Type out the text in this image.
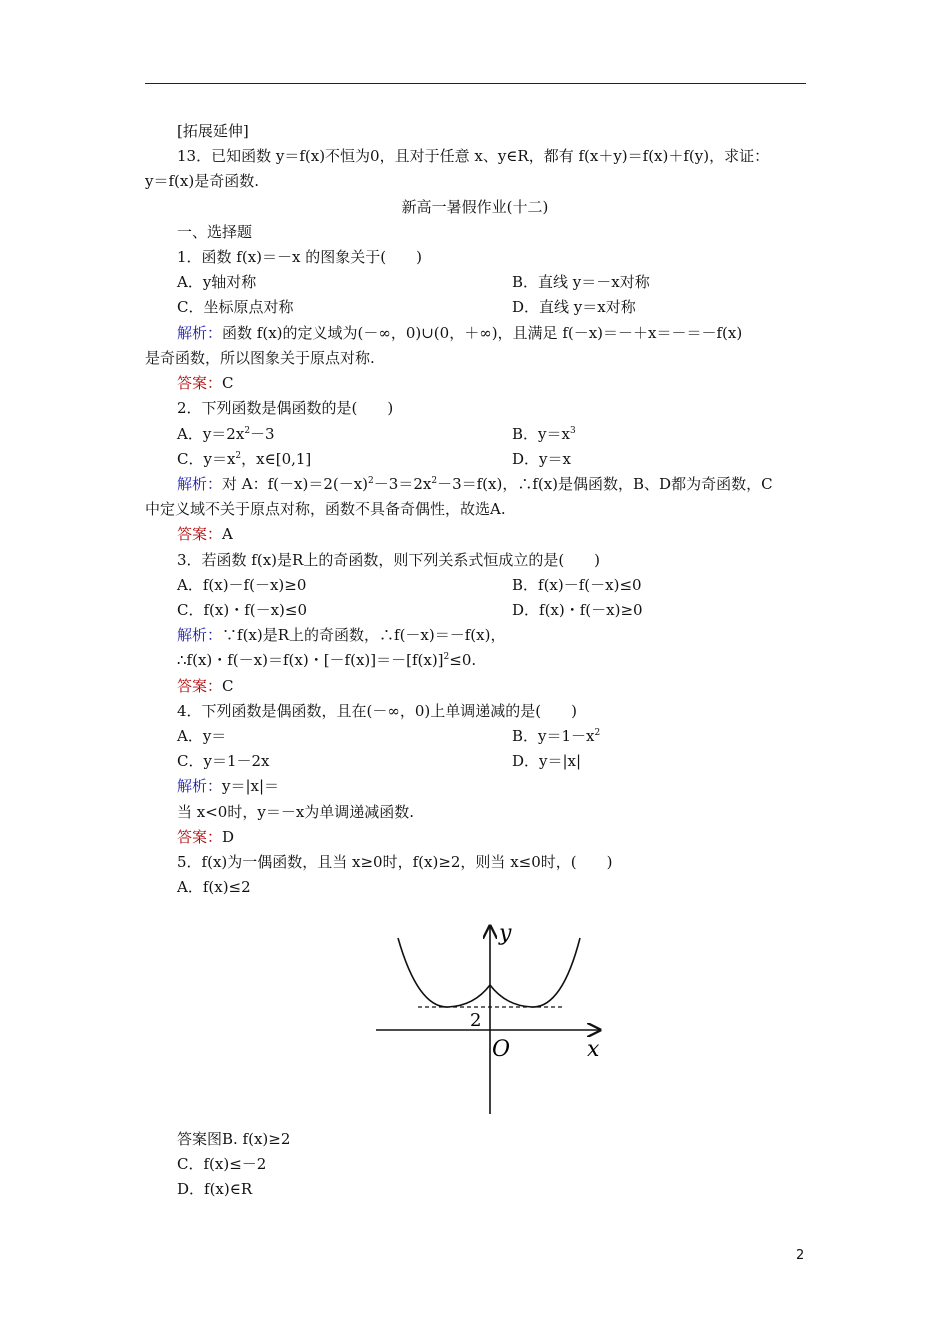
[拓展延伸]
13．已知函数 y＝f(x)不恒为0，且对于任意 x、y∈R，都有 f(x＋y)＝f(x)＋f(y)，求证：
y＝f(x)是奇函数.
新高一暑假作业(十二)
一、选择题
1．函数 f(x)＝－x 的图象关于(　　)
A．y轴对称	B．直线 y＝－x对称
C．坐标原点对称	D．直线 y＝x对称
解析：函数 f(x)的定义域为(－∞，0)∪(0，＋∞)，且满足 f(－x)＝－＋x＝－＝－f(x)
是奇函数，所以图象关于原点对称.
答案：C
2．下列函数是偶函数的是(　　)
A．$y=2x^2-3$	B．$y=x^3$
C．$y=x^2$，x∈[0,1]	D．y＝x
解析：对 A：$f(-x)=2(-x)^2-3=2x^2-3=f(x)$，∴f(x)是偶函数，B、D都为奇函数，C
中定义域不关于原点对称，函数不具备奇偶性，故选A.
答案：A
3．若函数 f(x)是R上的奇函数，则下列关系式恒成立的是(　　)
A．f(x)－f(－x)≥0	B．f(x)－f(－x)≤0
C．f(x)・f(－x)≤0	D．f(x)・f(－x)≥0
解析：∵f(x)是R上的奇函数，∴f(－x)＝－f(x)，
∴f(x)・f(－x)＝f(x)・$[-f(x)]=-[f(x)]^2\le 0$.
答案：C
4．下列函数是偶函数，且在(－∞，0)上单调递减的是(　　)
A．y＝	B．$y=1-x^2$
C．y＝1－2x	D．y＝|x|
解析：y＝|x|＝
当 x<0时，y＝－x为单调递减函数.
答案：D
5．f(x)为一偶函数，且当 x≥0时，f(x)≥2，则当 x≤0时，(　　)
A．f(x)≤2
y
2
O	x
答案图B. f(x)≥2
C．f(x)≤－2
D．f(x)∈R
2
